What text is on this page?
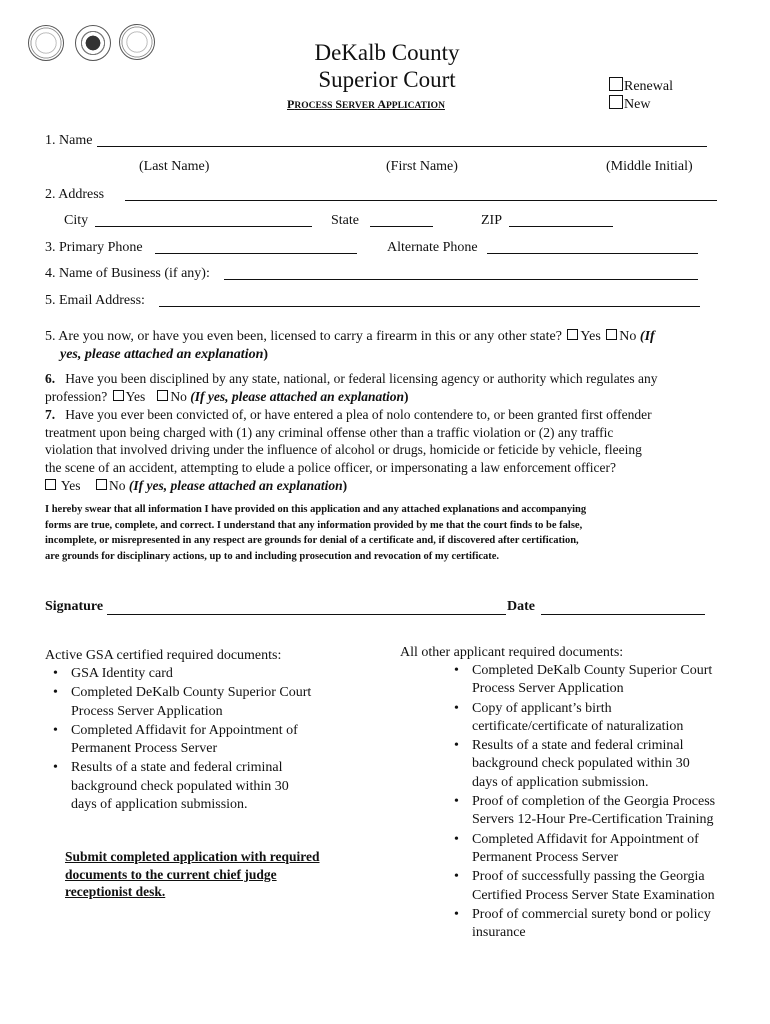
DeKalb County
Superior Court
PROCESS SERVER APPLICATION
Renewal
New
1. Name
(Last Name)	(First Name)	(Middle Initial)
2. Address
City	State	ZIP
3. Primary Phone	Alternate Phone
4. Name of Business (if any):
5. Email Address:
5. Are you now, or have you even been, licensed to carry a firearm in this or any other state? Yes No (If
yes, please attached an explanation)
6. Have you been disciplined by any state, national, or federal licensing agency or authority which regulates any
profession? Yes No (If yes, please attached an explanation)
7. Have you ever been convicted of, or have entered a plea of nolo contendere to, or been granted first offender
treatment upon being charged with (1) any criminal offense other than a traffic violation or (2) any traffic
violation that involved driving under the influence of alcohol or drugs, homicide or feticide by vehicle, fleeing
the scene of an accident, attempting to elude a police officer, or impersonating a law enforcement officer?
Yes No (If yes, please attached an explanation)
I hereby swear that all information I have provided on this application and any attached explanations and accompanying
forms are true, complete, and correct. I understand that any information provided by me that the court finds to be false,
incomplete, or misrepresented in any respect are grounds for denial of a certificate and, if discovered after certification,
are grounds for disciplinary actions, up to and including prosecution and revocation of my certificate.
Signature	Date
Active GSA certified required documents:
• GSA Identity card
• Completed DeKalb County Superior Court
Process Server Application
• Completed Affidavit for Appointment of
Permanent Process Server
• Results of a state and federal criminal
background check populated within 30
days of application submission.
Submit completed application with required
documents to the current chief judge
receptionist desk.
All other applicant required documents:
• Completed DeKalb County Superior Court
Process Server Application
• Copy of applicant’s birth
certificate/certificate of naturalization
• Results of a state and federal criminal
background check populated within 30
days of application submission.
• Proof of completion of the Georgia Process
Servers 12-Hour Pre-Certification Training
• Completed Affidavit for Appointment of
Permanent Process Server
• Proof of successfully passing the Georgia
Certified Process Server State Examination
• Proof of commercial surety bond or policy
insurance
